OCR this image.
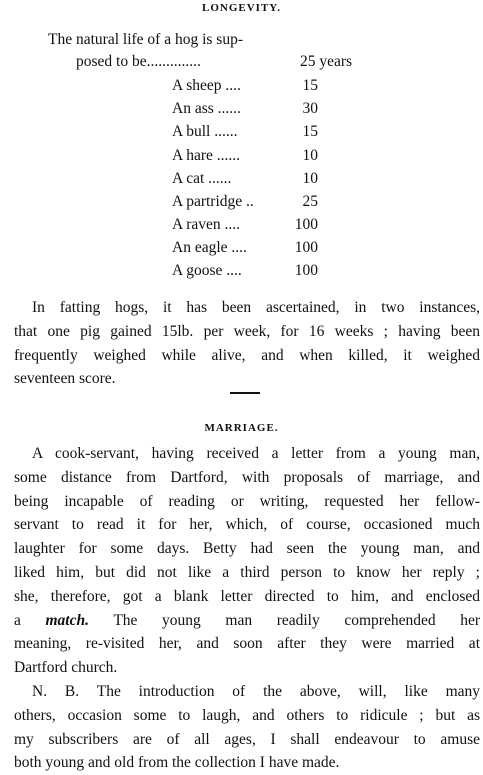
LONGEVITY.
The natural life of a hog is sup-
posed to be..............	25 years
A sheep ....	15
An ass ......	30
A bull ......	15
A hare ......	10
A cat ......	10
A partridge ..	25
A raven ....	100
An eagle ....	100
A goose ....	100
In fatting hogs, it has been ascertained, in two instances,
that one pig gained 15lb. per week, for 16 weeks ; having been
frequently weighed while alive, and when killed, it weighed
seventeen score.
MARRIAGE.
A cook-servant, having received a letter from a young man,
some distance from Dartford, with proposals of marriage, and
being incapable of reading or writing, requested her fellow-
servant to read it for her, which, of course, occasioned much
laughter for some days. Betty had seen the young man, and
liked him, but did not like a third person to know her reply ;
she, therefore, got a blank letter directed to him, and enclosed
a match. The young man readily comprehended her
meaning, re-visited her, and soon after they were married at
Dartford church.
N. B. The introduction of the above, will, like many
others, occasion some to laugh, and others to ridicule ; but as
my subscribers are of all ages, I shall endeavour to amuse
both young and old from the collection I have made.
